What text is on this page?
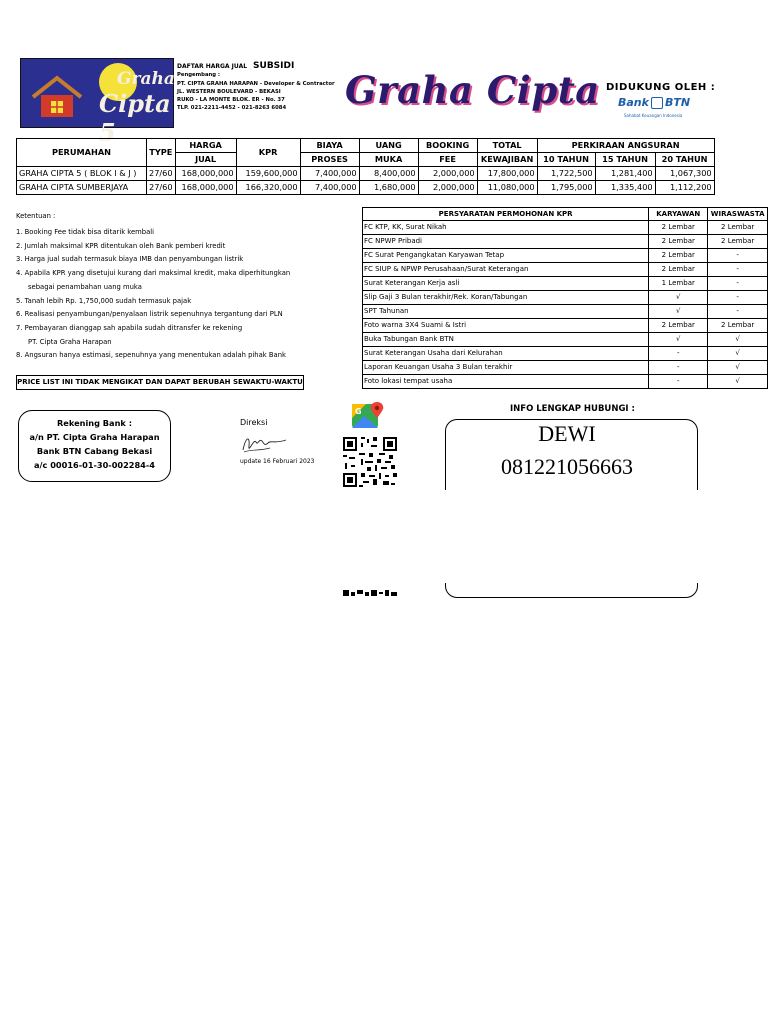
Graha
Cipta 5
DAFTAR HARGA JUAL SUBSIDI
Pengembang :
PT. CIPTA GRAHA HARAPAN - Developer & Contractor
JL. WESTERN BOULEVARD - BEKASI
RUKO - LA MONTE BLOK. ER - No. 37
TLP. 021-2211-4452 - 021-8263 6084	Graha Cipta DIDUKUNG OLEH :
Bank BTN
Sahabat Keuangan Indonesia
PERUMAHAN	TYPE	HARGA	KPR	BIAYA	UANG	BOOKING	TOTAL	PERKIRAAN ANGSURAN		
		JUAL		PROSES	MUKA	FEE	KEWAJIBAN	10 TAHUN	15 TAHUN	20 TAHUN
GRAHA CIPTA 5 ( BLOK I & J )	27/60	168,000,000	159,600,000	7,400,000	8,400,000	2,000,000	17,800,000	1,722,500	1,281,400	1,067,300
GRAHA CIPTA SUMBERJAYA	27/60	168,000,000	166,320,000	7,400,000	1,680,000	2,000,000	11,080,000	1,795,000	1,335,400	1,112,200
Ketentuan :
1. Booking Fee tidak bisa ditarik kembali
2. Jumlah maksimal KPR ditentukan oleh Bank pemberi kredit
3. Harga jual sudah termasuk biaya IMB dan penyambungan listrik
4. Apabila KPR yang disetujui kurang dari maksimal kredit, maka diperhitungkan
sebagai penambahan uang muka
5. Tanah lebih Rp. 1,750,000 sudah termasuk pajak
6. Realisasi penyambungan/penyalaan listrik sepenuhnya tergantung dari PLN
7. Pembayaran dianggap sah apabila sudah ditransfer ke rekening
PT. Cipta Graha Harapan
8. Angsuran hanya estimasi, sepenuhnya yang menentukan adalah pihak Bank
PRICE LIST INI TIDAK MENGIKAT DAN DAPAT BERUBAH SEWAKTU-WAKTU
PERSYARATAN PERMOHONAN KPR	KARYAWAN	WIRASWASTA
FC KTP, KK, Surat Nikah	2 Lembar	2 Lembar
FC NPWP Pribadi	2 Lembar	2 Lembar
FC Surat Pengangkatan Karyawan Tetap	2 Lembar	-
FC SIUP & NPWP Perusahaan/Surat Keterangan	2 Lembar	-
Surat Keterangan Kerja asli	1 Lembar	-
Slip Gaji 3 Bulan terakhir/Rek. Koran/Tabungan	√	-
SPT Tahunan	√	-
Foto warna 3X4 Suami & Istri	2 Lembar	2 Lembar
Buka Tabungan Bank BTN	√	√
Surat Keterangan Usaha dari Kelurahan	-	√
Laporan Keuangan Usaha 3 Bulan terakhir	-	√
Foto lokasi tempat usaha	-	√
Rekening Bank :
a/n PT. Cipta Graha Harapan
Bank BTN Cabang Bekasi
a/c 00016-01-30-002284-4
Direksi
update 16 Februari 2023
G	INFO LENGKAP HUBUNGI :
DEWI
081221056663
